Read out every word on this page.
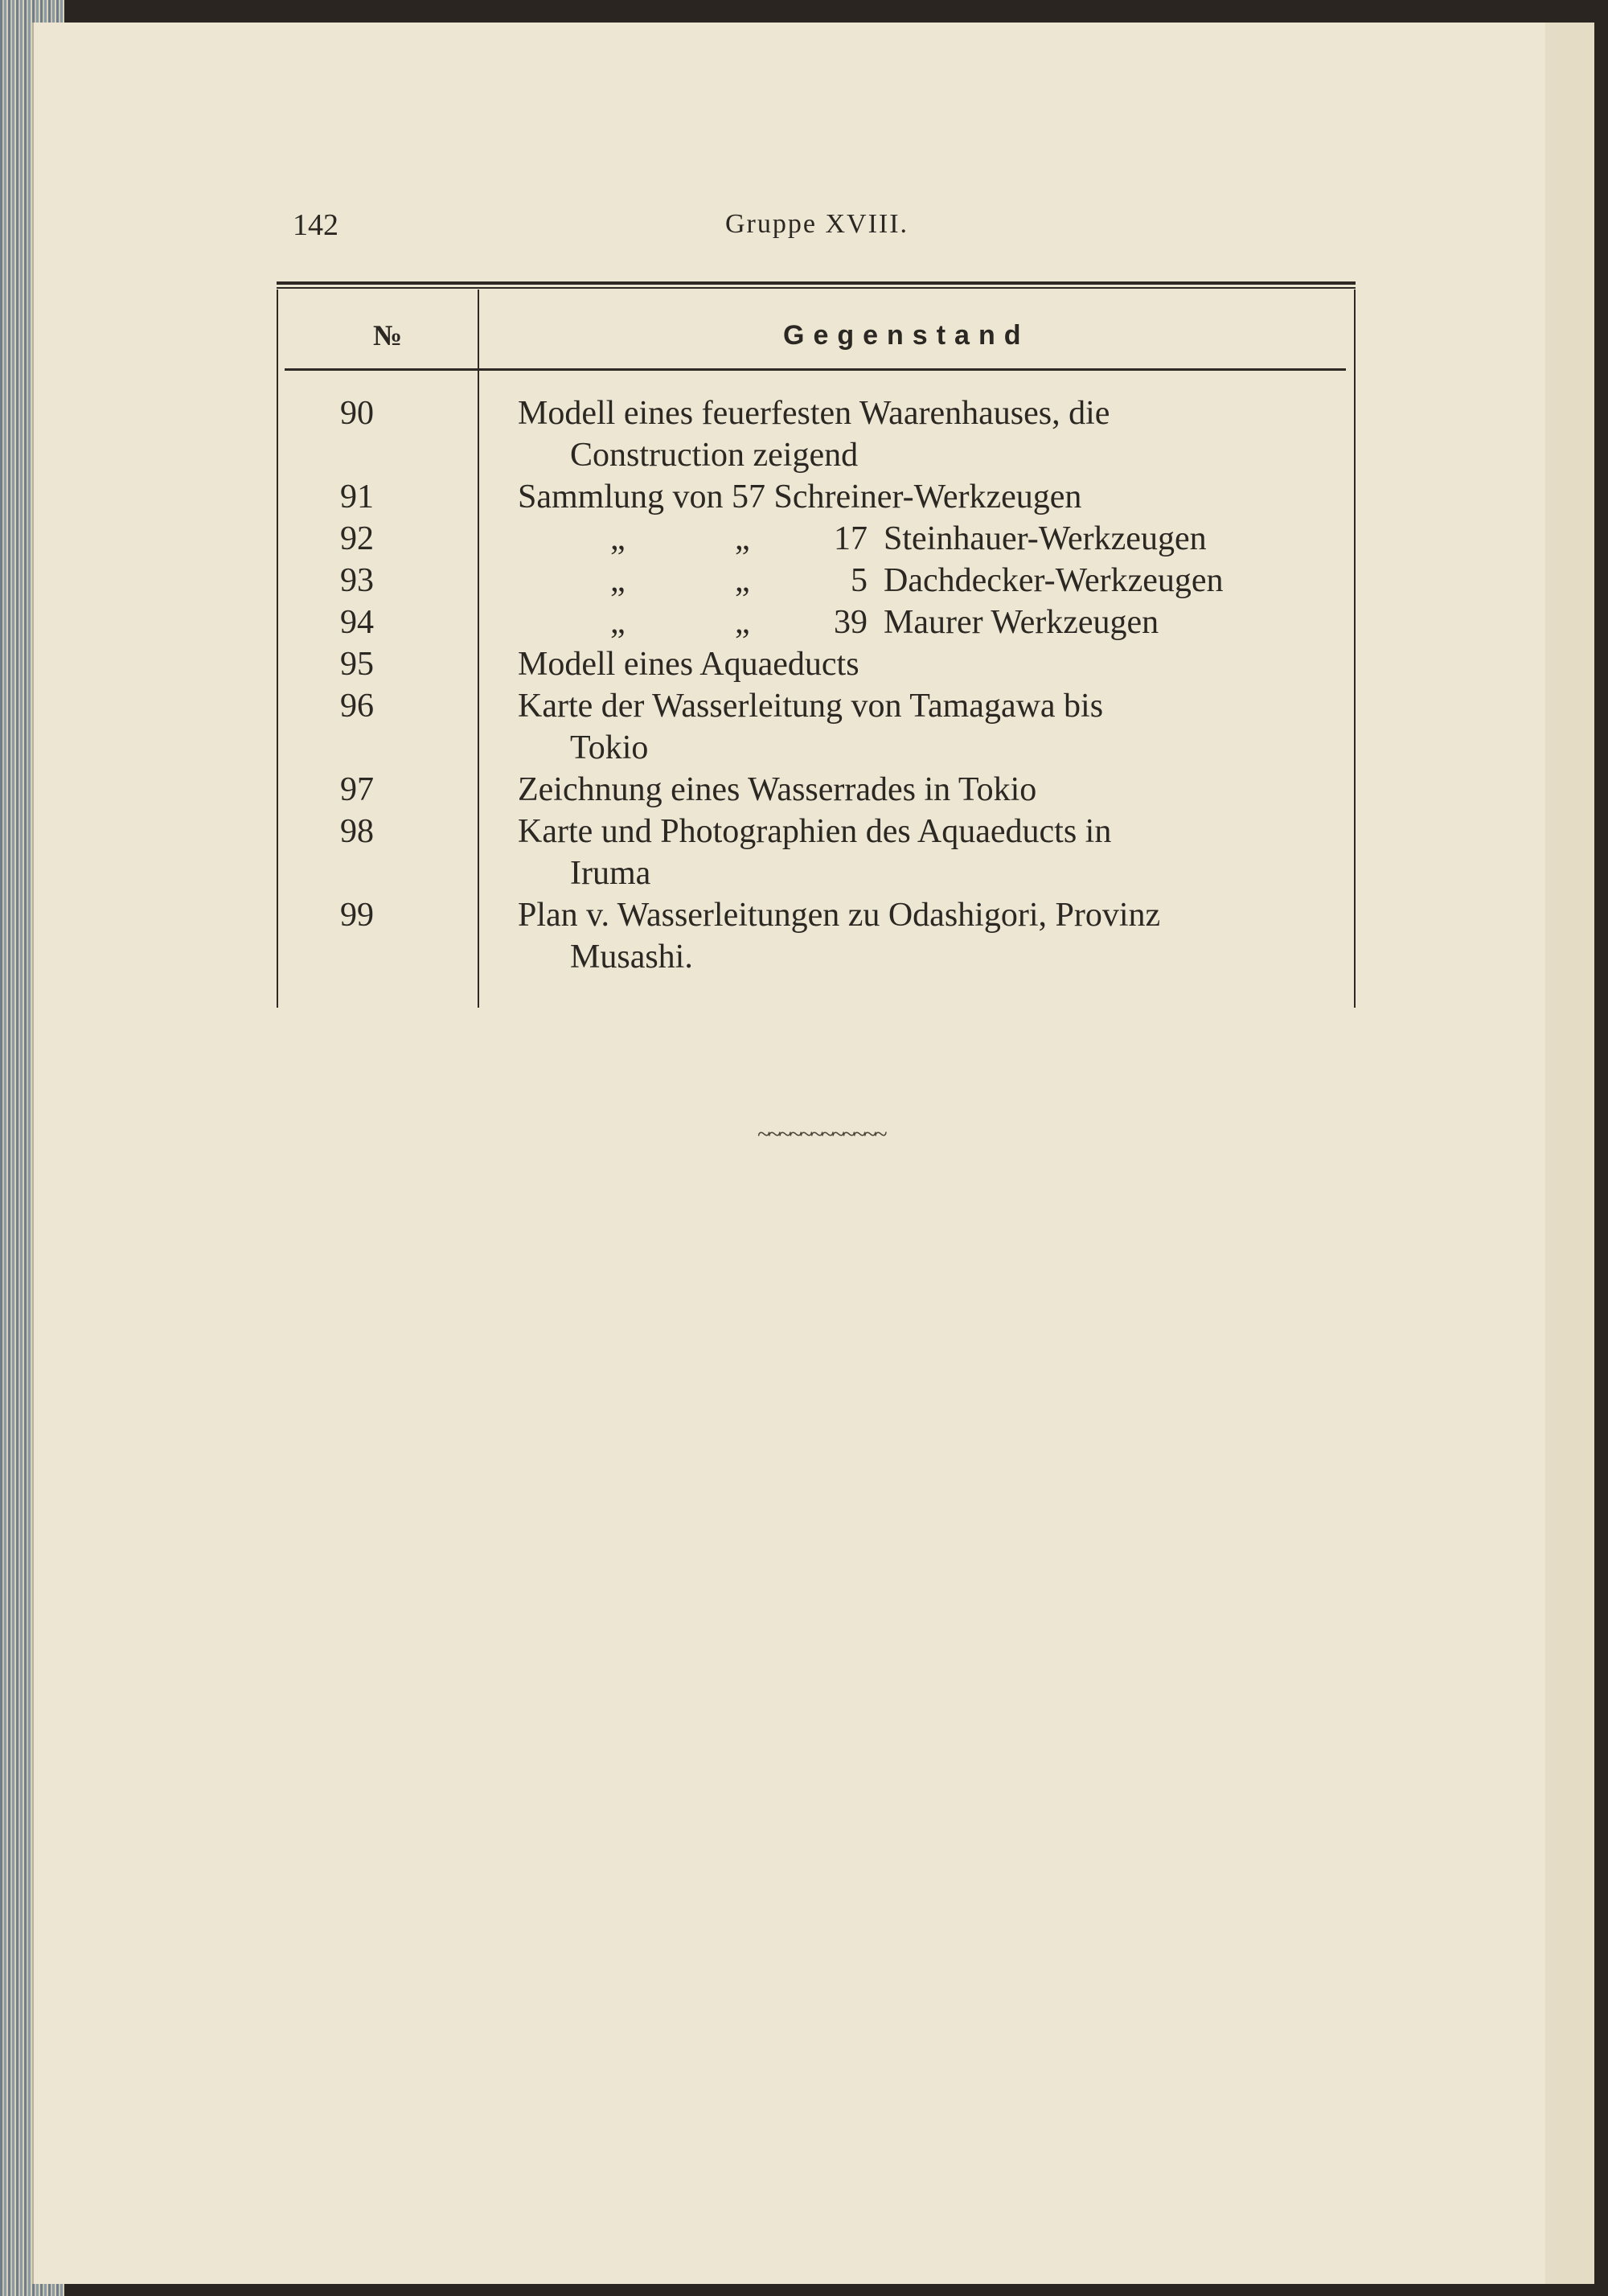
142	Gruppe XVIII.
№	Gegenstand
90	Modell eines feuerfesten Waarenhauses, die
Construction zeigend
91	Sammlung von 57 Schreiner-Werkzeugen
92	„	„	17 Steinhauer-Werkzeugen
93	„	„	5 Dachdecker-Werkzeugen
94	„	„	39 Maurer Werkzeugen
95	Modell eines Aquaeducts
96	Karte der Wasserleitung von Tamagawa bis
Tokio
97	Zeichnung eines Wasserrades in Tokio
98	Karte und Photographien des Aquaeducts in
Iruma
99	Plan v. Wasserleitungen zu Odashigori, Provinz
Musashi.
~~~~~~~~~~~~
